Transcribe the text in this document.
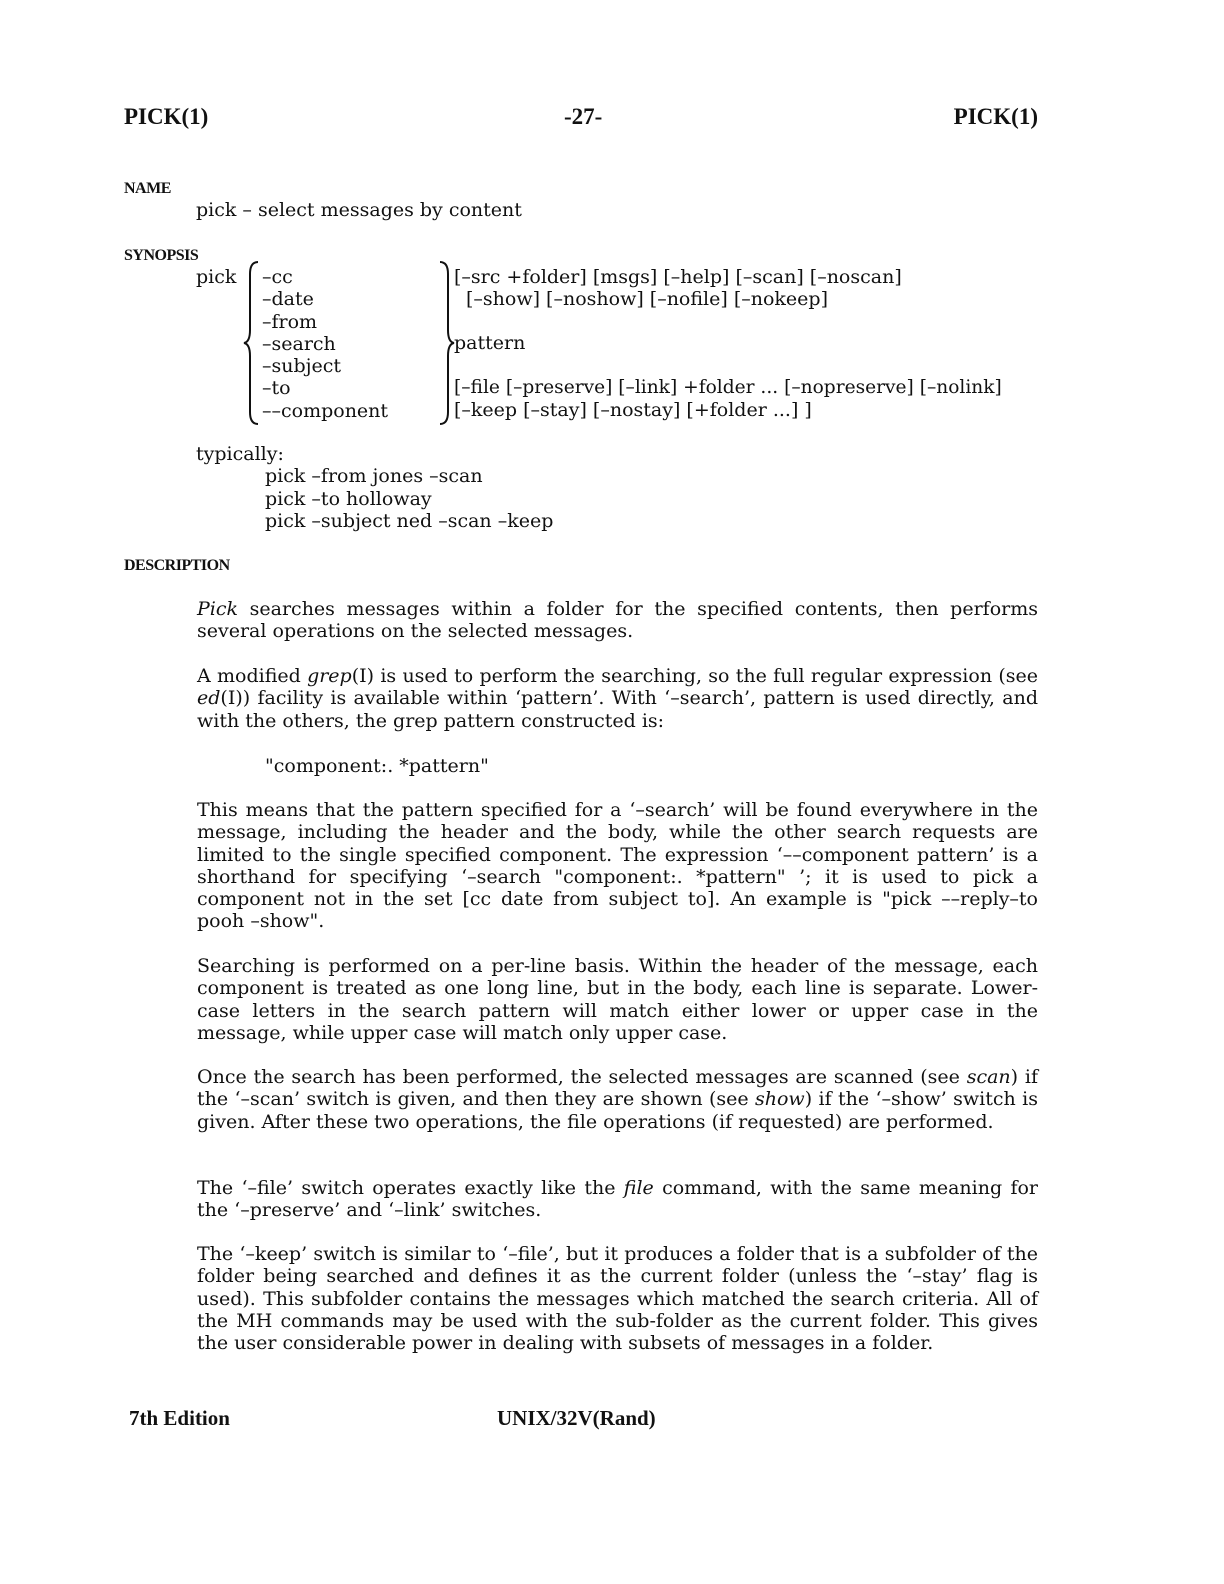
PICK(1)	-27-	PICK(1)
NAME
pick – select messages by content
SYNOPSIS
pick –cc
–date
–from
–search
–subject
–to
––component
[–src +folder] [msgs] [–help] [–scan] [–noscan]
[–show] [–noshow] [–nofile] [–nokeep]
pattern
[–file [–preserve] [–link] +folder ... [–nopreserve] [–nolink]
[–keep [–stay] [–nostay] [+folder ...] ]
typically:
pick –from jones –scan
pick –to holloway
pick –subject ned –scan –keep
DESCRIPTION

Pick searches messages within a folder for the specified contents, then performs several operations on the selected messages.

A modified grep(I) is used to perform the searching, so the full regular expression (see ed(I)) facility is available within ‘pattern’. With ‘–search’, pattern is used directly, and with the others, the grep pattern constructed is:

"component:. *pattern"

This means that the pattern specified for a ‘–search’ will be found everywhere in the message, including the header and the body, while the other search requests are limited to the single specified component. The expression ‘––component pattern’ is a shorthand for specifying ‘–search "component:. *pattern" ’; it is used to pick a component not in the set [cc date from subject to]. An example is "pick ––reply–to pooh –show".

Searching is performed on a per-line basis. Within the header of the message, each component is treated as one long line, but in the body, each line is separate. Lower-case letters in the search pattern will match either lower or upper case in the message, while upper case will match only upper case.

Once the search has been performed, the selected messages are scanned (see scan) if the ‘–scan’ switch is given, and then they are shown (see show) if the ‘–show’ switch is given. After these two operations, the file operations (if requested) are performed.

The ‘–file’ switch operates exactly like the file command, with the same meaning for the ‘–preserve’ and ‘–link’ switches.

The ‘–keep’ switch is similar to ‘–file’, but it produces a folder that is a subfolder of the folder being searched and defines it as the current folder (unless the ‘–stay’ flag is used). This subfolder contains the messages which matched the search criteria. All of the MH commands may be used with the sub-folder as the current folder. This gives the user considerable power in dealing with subsets of messages in a folder.

7th Edition	UNIX/32V(Rand)
